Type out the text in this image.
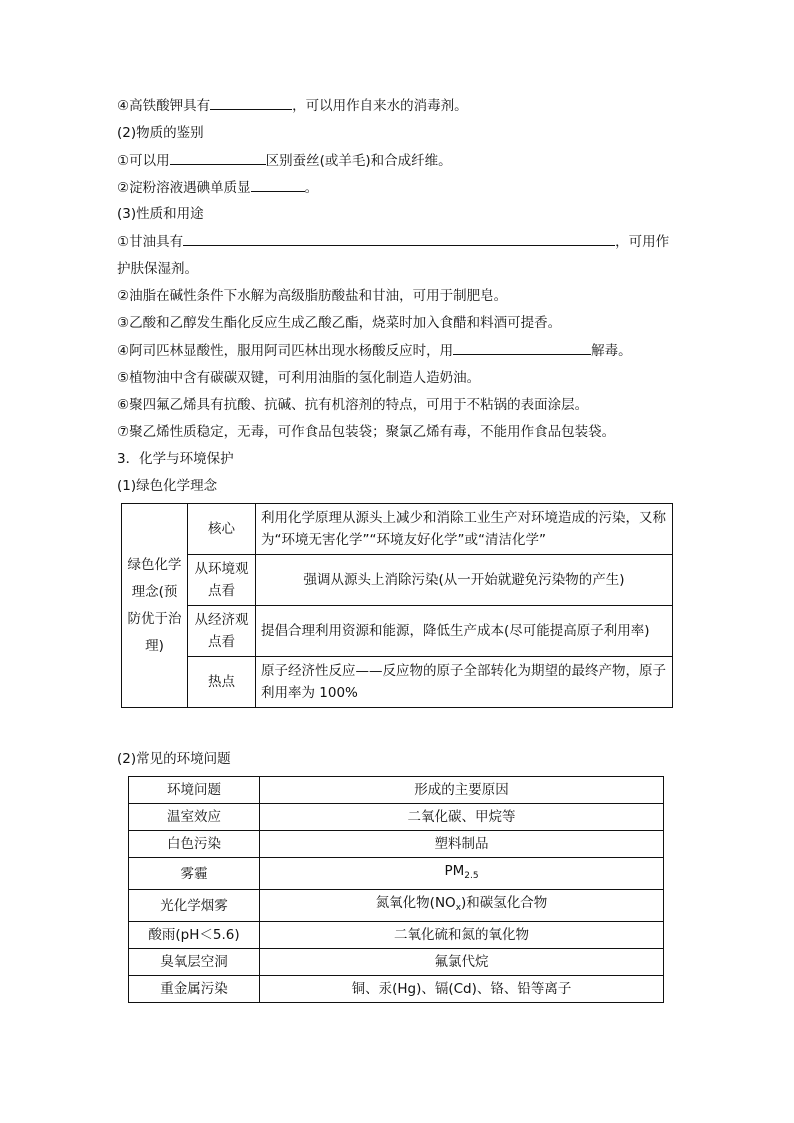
④高铁酸钾具有	，可以用作自来水的消毒剂。
(2)物质的鉴别
①可以用	区别蚕丝(或羊毛)和合成纤维。
②淀粉溶液遇碘单质显	。
(3)性质和用途
①甘油具有	，可用作
护肤保湿剂。
②油脂在碱性条件下水解为高级脂肪酸盐和甘油，可用于制肥皂。
③乙酸和乙醇发生酯化反应生成乙酸乙酯，烧菜时加入食醋和料酒可提香。
④阿司匹林显酸性，服用阿司匹林出现水杨酸反应时，用	解毒。
⑤植物油中含有碳碳双键，可利用油脂的氢化制造人造奶油。
⑥聚四氟乙烯具有抗酸、抗碱、抗有机溶剂的特点，可用于不粘锅的表面涂层。
⑦聚乙烯性质稳定，无毒，可作食品包装袋；聚氯乙烯有毒，不能用作食品包装袋。
3．化学与环境保护
(1)绿色化学理念
绿色化学理念(预防优于治理)	核心	利用化学原理从源头上减少和消除工业生产对环境造成的污染，又称为“环境无害化学”“环境友好化学”或“清洁化学”
	从环境观点看	强调从源头上消除污染(从一开始就避免污染物的产生)
	从经济观点看	提倡合理利用资源和能源，降低生产成本(尽可能提高原子利用率)
	热点	原子经济性反应——反应物的原子全部转化为期望的最终产物，原子利用率为 100%
(2)常见的环境问题
环境问题	形成的主要原因
温室效应	二氧化碳、甲烷等
白色污染	塑料制品
雾霾	$PM_{2.5}$
光化学烟雾	氮氧化物$(NO_x)$和碳氢化合物
酸雨(pH＜5.6)	二氧化硫和氮的氧化物
臭氧层空洞	氟氯代烷
重金属污染	铜、汞(Hg)、镉(Cd)、铬、铅等离子
